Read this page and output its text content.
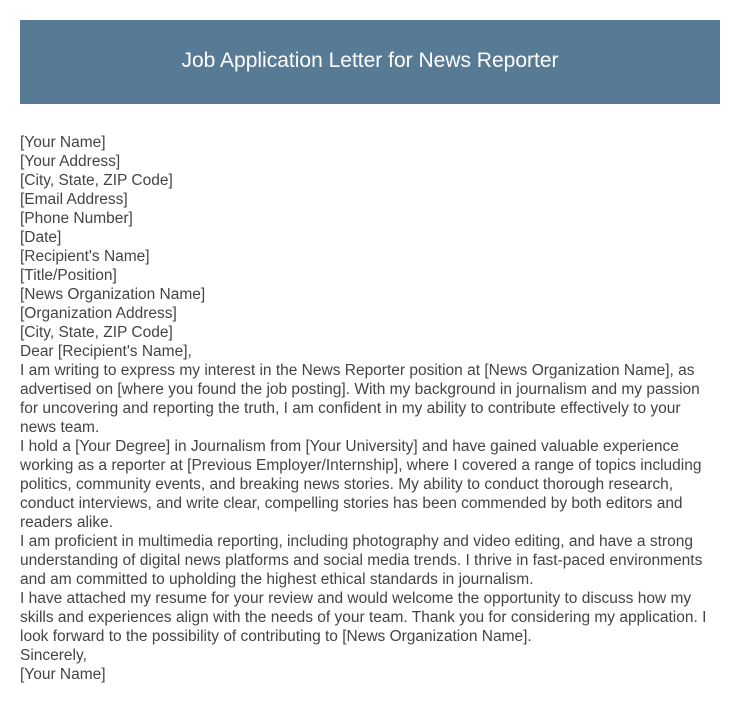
Job Application Letter for News Reporter
[Your Name]
[Your Address]
[City, State, ZIP Code]
[Email Address]
[Phone Number]
[Date]
[Recipient's Name]
[Title/Position]
[News Organization Name]
[Organization Address]
[City, State, ZIP Code]
Dear [Recipient's Name],

I am writing to express my interest in the News Reporter position at [News Organization Name], as advertised on [where you found the job posting]. With my background in journalism and my passion for uncovering and reporting the truth, I am confident in my ability to contribute effectively to your news team.

I hold a [Your Degree] in Journalism from [Your University] and have gained valuable experience working as a reporter at [Previous Employer/Internship], where I covered a range of topics including politics, community events, and breaking news stories. My ability to conduct thorough research, conduct interviews, and write clear, compelling stories has been commended by both editors and readers alike.

I am proficient in multimedia reporting, including photography and video editing, and have a strong understanding of digital news platforms and social media trends. I thrive in fast-paced environments and am committed to upholding the highest ethical standards in journalism.

I have attached my resume for your review and would welcome the opportunity to discuss how my skills and experiences align with the needs of your team. Thank you for considering my application. I look forward to the possibility of contributing to [News Organization Name].

Sincerely,
[Your Name]
